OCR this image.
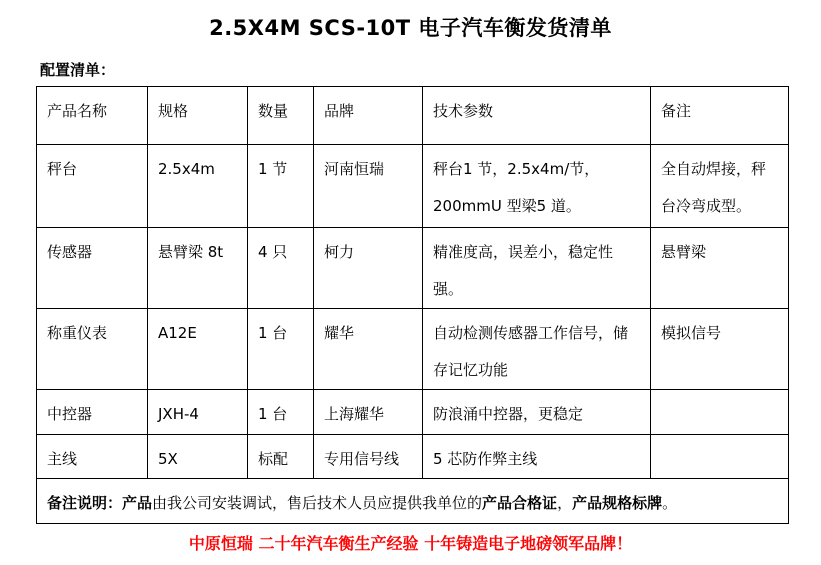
2.5X4M SCS-10T 电子汽车衡发货清单
配置清单：
产品名称	规格	数量	品牌	技术参数	备注
秤台	2.5x4m	1 节	河南恒瑞	秤台1 节，2.5x4m/节，200mmU 型梁5 道。	全自动焊接，秤台冷弯成型。
传感器	悬臂梁 8t	4 只	柯力	精准度高，误差小，稳定性强。	悬臂梁
称重仪表	A12E	1 台	耀华	自动检测传感器工作信号，储存记忆功能	模拟信号
中控器	JXH-4	1 台	上海耀华	防浪涌中控器，更稳定	
主线	5X	标配	专用信号线	5 芯防作弊主线	
备注说明：产品由我公司安装调试，售后技术人员应提供我单位的产品合格证，产品规格标牌。					
中原恒瑞 二十年汽车衡生产经验 十年铸造电子地磅领军品牌！
